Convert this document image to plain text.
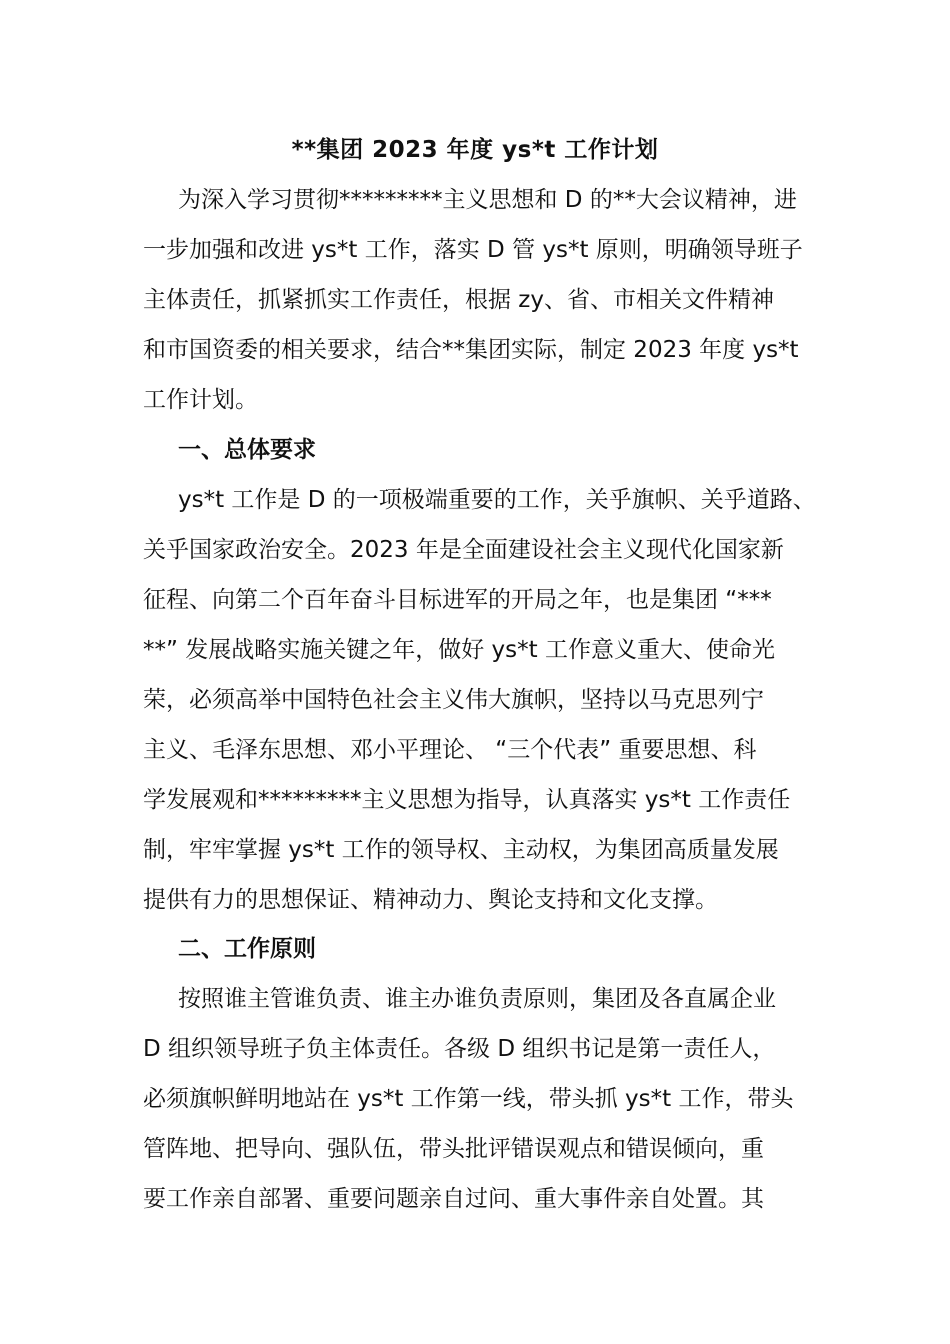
**集团 2023 年度 ys*t 工作计划
为深入学习贯彻*********主义思想和 D 的**大会议精神，进
一步加强和改进 ys*t 工作，落实 D 管 ys*t 原则，明确领导班子
主体责任，抓紧抓实工作责任，根据 zy、省、市相关文件精神
和市国资委的相关要求，结合**集团实际，制定 2023 年度 ys*t
工作计划。
一、总体要求
ys*t 工作是 D 的一项极端重要的工作，关乎旗帜、关乎道路、
关乎国家政治安全。2023 年是全面建设社会主义现代化国家新
征程、向第二个百年奋斗目标进军的开局之年，也是集团 “***
**” 发展战略实施关键之年，做好 ys*t 工作意义重大、使命光
荣，必须高举中国特色社会主义伟大旗帜，坚持以马克思列宁
主义、毛泽东思想、邓小平理论、 “三个代表” 重要思想、科
学发展观和*********主义思想为指导，认真落实 ys*t 工作责任
制，牢牢掌握 ys*t 工作的领导权、主动权，为集团高质量发展
提供有力的思想保证、精神动力、舆论支持和文化支撑。
二、工作原则
按照谁主管谁负责、谁主办谁负责原则，集团及各直属企业
D 组织领导班子负主体责任。各级 D 组织书记是第一责任人，
必须旗帜鲜明地站在 ys*t 工作第一线，带头抓 ys*t 工作，带头
管阵地、把导向、强队伍，带头批评错误观点和错误倾向，重
要工作亲自部署、重要问题亲自过问、重大事件亲自处置。其
